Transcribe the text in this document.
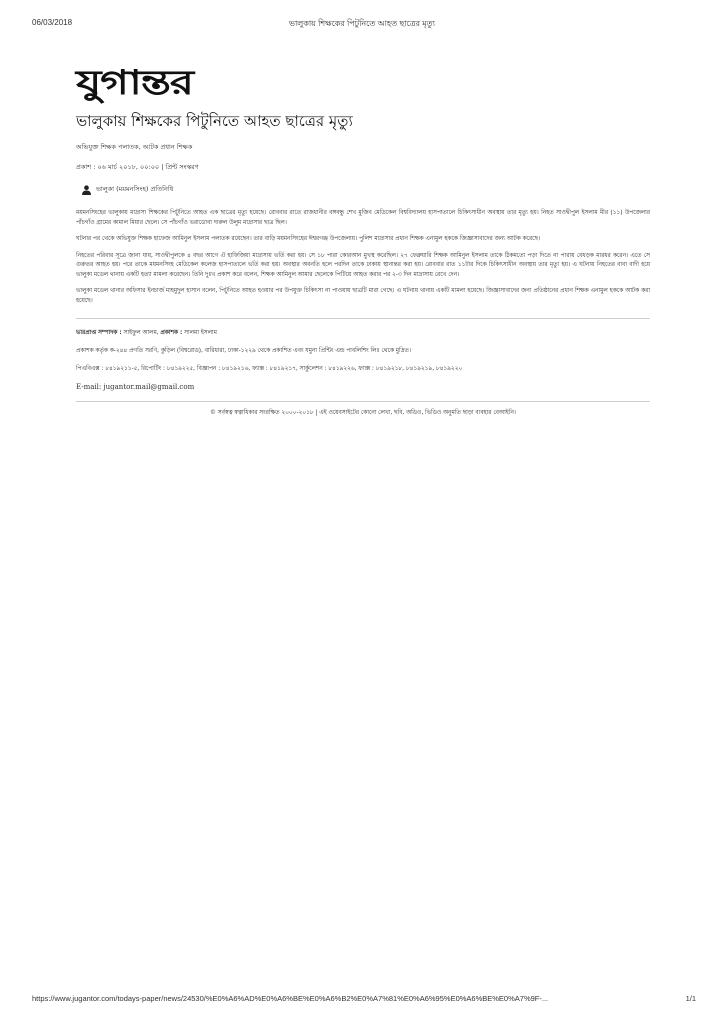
06/03/2018	ভালুকায় শিক্ষকের পিটুনিতে আহত ছাত্রের মৃত্যু
যুগান্তর
ভালুকায় শিক্ষকের পিটুনিতে আহত ছাত্রের মৃত্যু
অভিযুক্ত শিক্ষক পলাতক, আটক প্রধান শিক্ষক
প্রকাশ : ০৬ মার্চ ২০১৮, ০০:০০ | প্রিন্ট সংস্করণ
ভালুকা (ময়মনসিংহ) প্রতিনিধি

ময়মনসিংহের ভালুকায় মাদ্রাসা শিক্ষকের পিটুনিতে আহত এক ছাত্রের মৃত্যু হয়েছে। রোববার রাতে রাজধানীর বঙ্গবন্ধু শেখ মুজিব মেডিকেল বিশ্ববিদ্যালয় হাসপাতালে চিকিৎসাধীন অবস্থায় তার মৃত্যু হয়। নিহত সাওদ্বীপুল ইসলাম মীর (১১) উপজেলার পাঁচগাঁও গ্রামের কামাল মিয়ার ছেলে। সে পাঁচগাঁও ভরাডোবা দারুল উলুম মাদ্রাসার ছাত্র ছিল।

ঘটনার পর থেকে অভিযুক্ত শিক্ষক হাফেজ আমিনুল ইসলাম পলাতক রয়েছেন। তার বাড়ি ময়মনসিংহের ঈশ্বরগঞ্জ উপজেলায়। পুলিশ মাদ্রাসার প্রধান শিক্ষক এনামুল হককে জিজ্ঞাসাবাদের জন্য আটক করেছে।

নিহতের পরিবার সূত্রে জানা যায়, সাওদ্বীপুলকে ৪ বছর আগে ঐ হাফিজিয়া মাদ্রাসায় ভর্তি করা হয়। সে ১৮ পারা কোরআন মুখস্থ করেছিল। ২৭ ফেব্রুয়ারি শিক্ষক আমিনুল ইসলাম তাকে ঠিকমতো পড়া দিতে না পারায় বেধড়ক মারধর করেন। এতে সে গুরুতর আহত হয়। পরে তাকে ময়মনসিংহ মেডিকেল কলেজ হাসপাতালে ভর্তি করা হয়। অবস্থার অবনতি হলে পরদিন তাকে ঢাকায় স্থানান্তর করা হয়। রোববার রাত ১১টার দিকে চিকিৎসাধীন অবস্থায় তার মৃত্যু হয়। এ ঘটনায় নিহতের বাবা বাদী হয়ে ভালুকা মডেল থানায় একটি হত্যা মামলা করেছেন। তিনি দুঃখ প্রকাশ করে বলেন, শিক্ষক আমিনুল আমার ছেলেকে পিটিয়ে আহত করার পর ২-৩ দিন মাদ্রাসায় রেখে দেন।

ভালুকা মডেল থানার অফিসার ইনচার্জ মাহমুদুল হাসান বলেন, পিটুনিতে আহত হওয়ার পর উপযুক্ত চিকিৎসা না পাওয়ায় ছাত্রটি মারা গেছে। এ ঘটনায় থানায় একটি মামলা হয়েছে। জিজ্ঞাসাবাদের জন্য প্রতিষ্ঠানের প্রধান শিক্ষক এনামুল হককে আটক করা হয়েছে।

ভারপ্রাপ্ত সম্পাদক : সাইফুল আলম, প্রকাশক : সালমা ইসলাম

প্রকাশক কর্তৃক ক-২৪৪ প্রগতি সরণি, কুড়িল (বিশ্বরোড), বারিধারা, ঢাকা-১২২৯ থেকে প্রকাশিত এবং যমুনা প্রিন্টিং এন্ড পাবলিশিং লিঃ থেকে মুদ্রিত।

পিএবিএক্স : ৮৪১৯২১১-৫, রিপোর্টিং : ৮৪১৯২২৫, বিজ্ঞাপন : ৮৪১৯২১৬, ফ্যাক্স : ৮৪১৯২১৭, সার্কুলেশন : ৮৪১৯২২৬, ফ্যাক্স : ৮৪১৯২১৮, ৮৪১৯২১৯, ৮৪১৯২২০

E-mail: jugantor.mail@gmail.com

© সর্বস্বত্ব স্বত্বাধিকার সংরক্ষিত ২০০০-২০১৮ | এই ওয়েবসাইটের কোনো লেখা, ছবি, অডিও, ভিডিও অনুমতি ছাড়া ব্যবহার বেআইনি।
https://www.jugantor.com/todays-paper/news/24530/%E0%A6%AD%E0%A6%BE%E0%A6%B2%E0%A7%81%E0%A6%95%E0%A6%BE%E0%A7%9F-...	1/1
